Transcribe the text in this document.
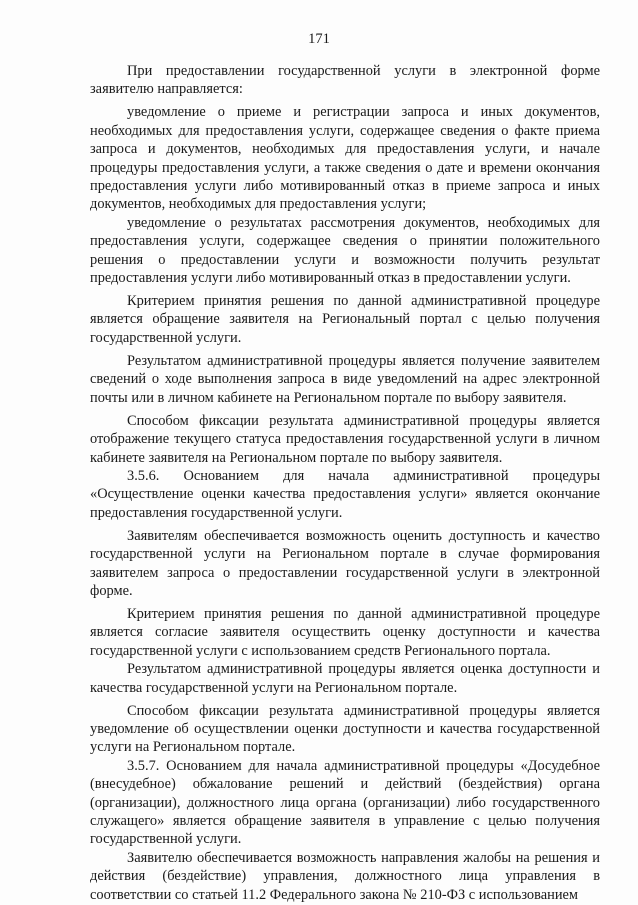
171

При предоставлении государственной услуги в электронной форме заявителю направляется:

уведомление о приеме и регистрации запроса и иных документов, необходимых для предоставления услуги, содержащее сведения о факте приема запроса и документов, необходимых для предоставления услуги, и начале процедуры предоставления услуги, а также сведения о дате и времени окончания предоставления услуги либо мотивированный отказ в приеме запроса и иных документов, необходимых для предоставления услуги;

уведомление о результатах рассмотрения документов, необходимых для предоставления услуги, содержащее сведения о принятии положительного решения о предоставлении услуги и возможности получить результат предоставления услуги либо мотивированный отказ в предоставлении услуги.

Критерием принятия решения по данной административной процедуре является обращение заявителя на Региональный портал с целью получения государственной услуги.

Результатом административной процедуры является получение заявителем сведений о ходе выполнения запроса в виде уведомлений на адрес электронной почты или в личном кабинете на Региональном портале по выбору заявителя.

Способом фиксации результата административной процедуры является отображение текущего статуса предоставления государственной услуги в личном кабинете заявителя на Региональном портале по выбору заявителя.

3.5.6. Основанием для начала административной процедуры «Осуществление оценки качества предоставления услуги» является окончание предоставления государственной услуги.

Заявителям обеспечивается возможность оценить доступность и качество государственной услуги на Региональном портале в случае формирования заявителем запроса о предоставлении государственной услуги в электронной форме.

Критерием принятия решения по данной административной процедуре является согласие заявителя осуществить оценку доступности и качества государственной услуги с использованием средств Регионального портала.

Результатом административной процедуры является оценка доступности и качества государственной услуги на Региональном портале.

Способом фиксации результата административной процедуры является уведомление об осуществлении оценки доступности и качества государственной услуги на Региональном портале.

3.5.7. Основанием для начала административной процедуры «Досудебное (внесудебное) обжалование решений и действий (бездействия) органа (организации), должностного лица органа (организации) либо государственного служащего» является обращение заявителя в управление с целью получения государственной услуги.

Заявителю обеспечивается возможность направления жалобы на решения и действия (бездействие) управления, должностного лица управления в соответствии со статьей 11.2 Федерального закона № 210-ФЗ с использованием
